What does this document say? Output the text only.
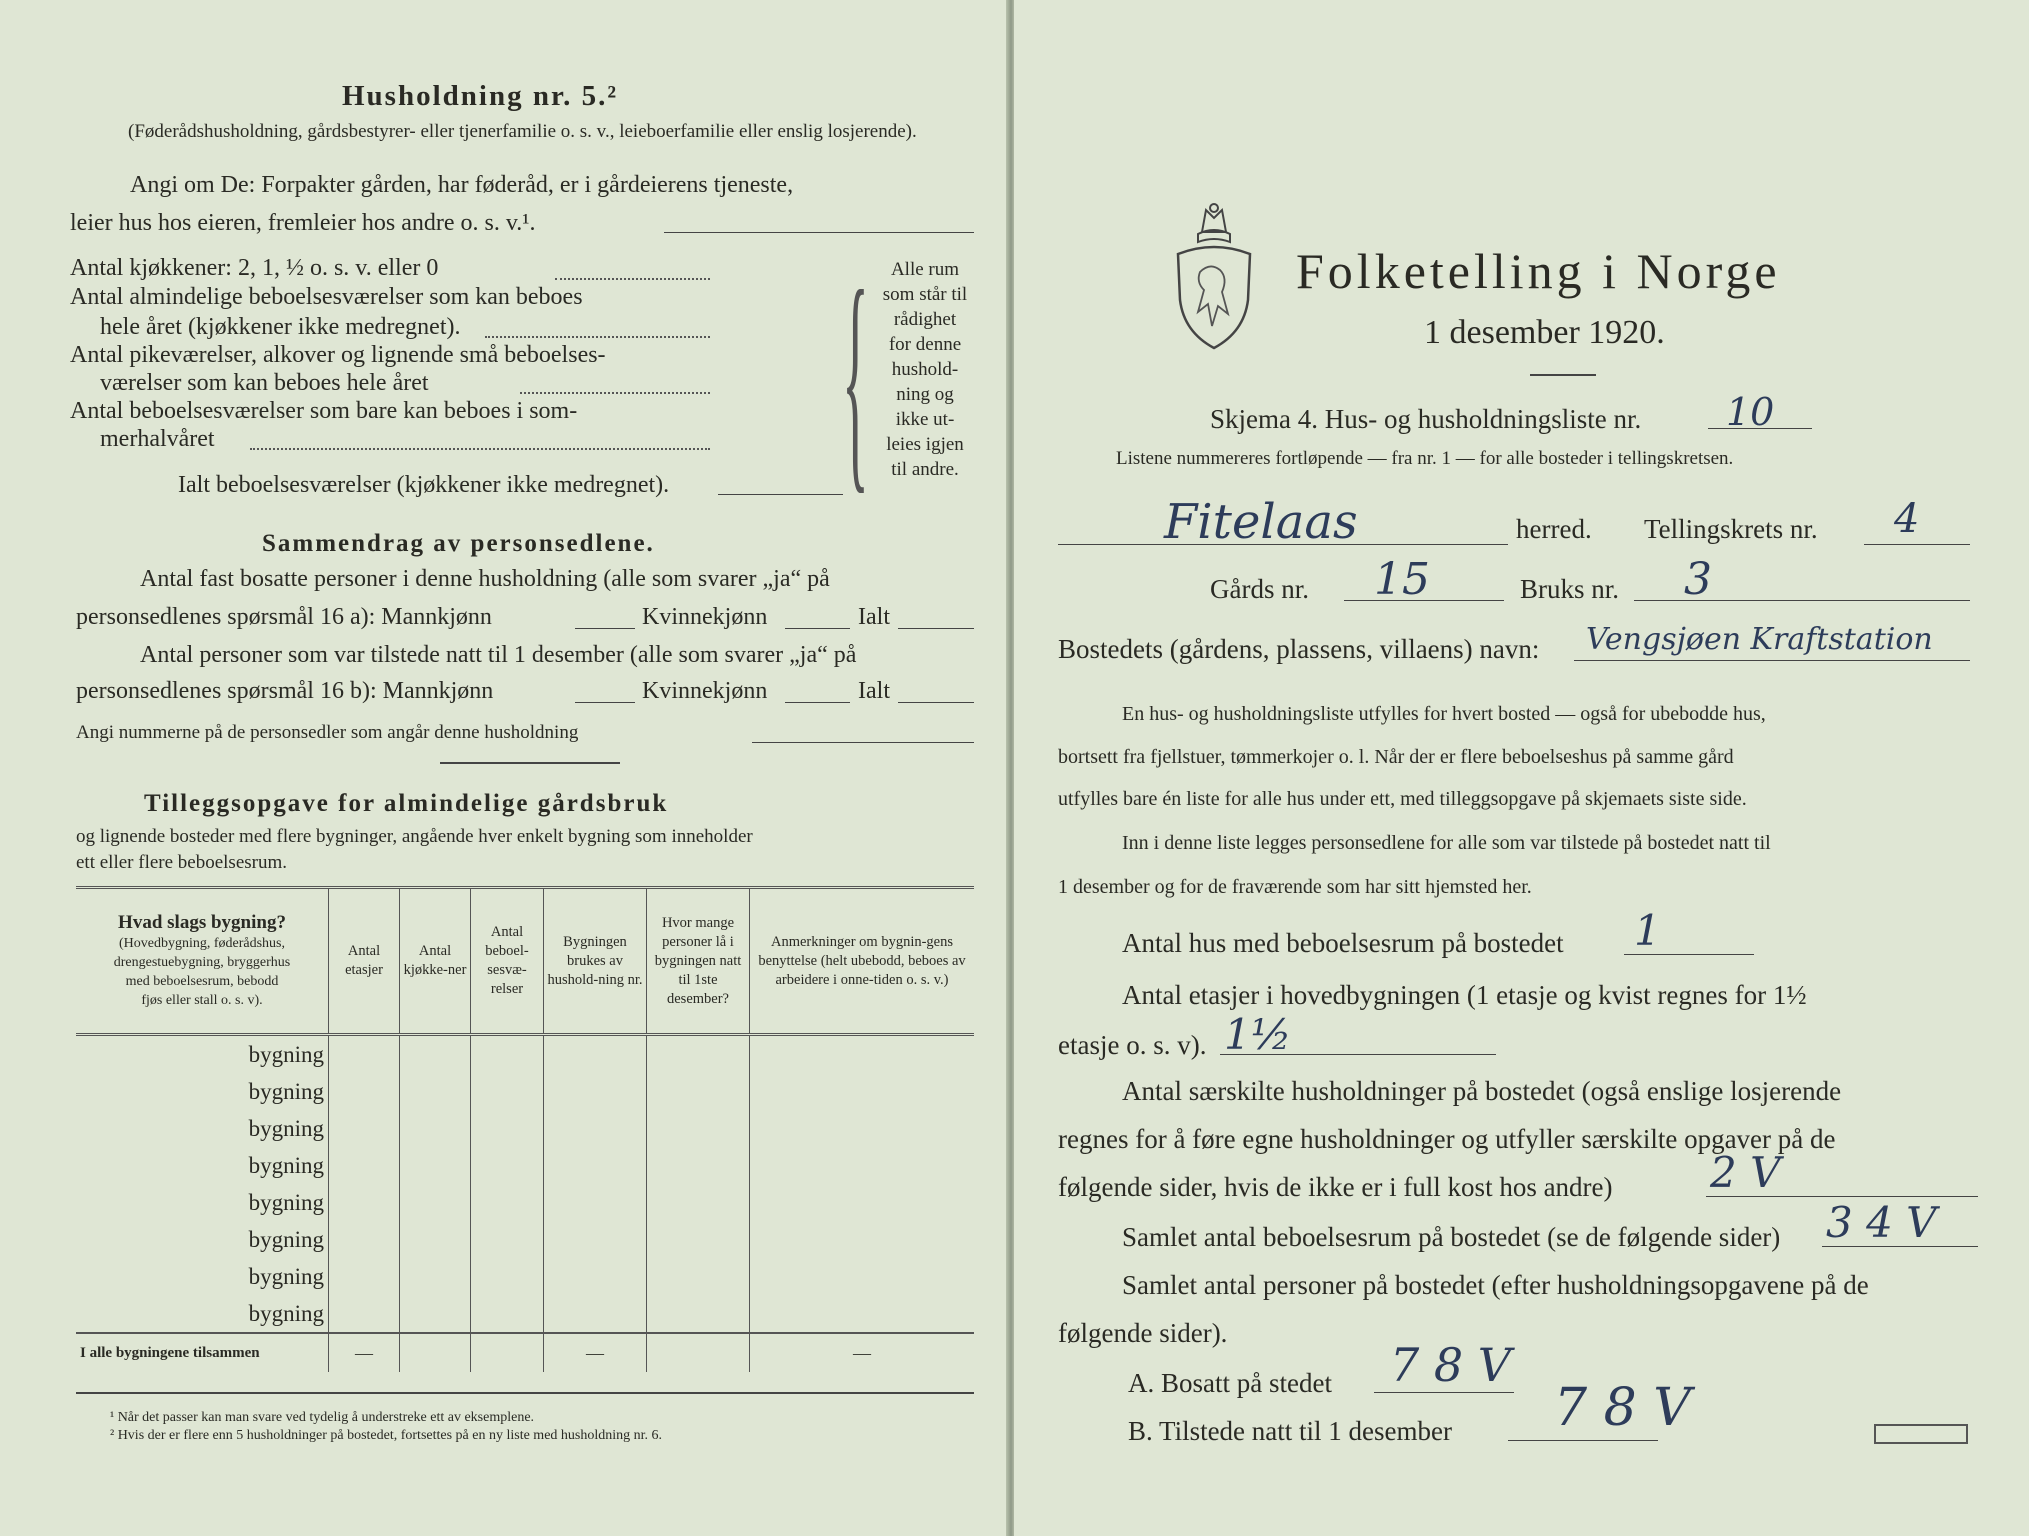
Husholdning nr. 5.²
(Føderådshusholdning, gårdsbestyrer- eller tjenerfamilie o. s. v., leieboerfamilie eller enslig losjerende).
Angi om De: Forpakter gården, har føderåd, er i gårdeierens tjeneste,
leier hus hos eieren, fremleier hos andre o. s. v.¹.
Antal kjøkkener: 2, 1, ½ o. s. v. eller 0
Antal almindelige beboelsesværelser som kan beboes
hele året (kjøkkener ikke medregnet).
Antal pikeværelser, alkover og lignende små beboelses-
værelser som kan beboes hele året
Antal beboelsesværelser som bare kan beboes i som-
merhalvåret
Ialt beboelsesværelser (kjøkkener ikke medregnet).	{	Alle rum
som står til
rådighet
for denne
hushold-
ning og
ikke ut-
leies igjen
til andre.
Sammendrag av personsedlene.
Antal fast bosatte personer i denne husholdning (alle som svarer „ja“ på
personsedlenes spørsmål 16 a): Mannkjønn	Kvinnekjønn	Ialt
Antal personer som var tilstede natt til 1 desember (alle som svarer „ja“ på
personsedlenes spørsmål 16 b): Mannkjønn	Kvinnekjønn	Ialt
Angi nummerne på de personsedler som angår denne husholdning
Tilleggsopgave for almindelige gårdsbruk
og lignende bosteder med flere bygninger, angående hver enkelt bygning som inneholder
ett eller flere beboelsesrum.
Hvad slags bygning?
(Hovedbygning, føderådshus,
drengestuebygning, bryggerhus
med beboelsesrum, bebodd
fjøs eller stall o. s. v).	Antal etasjer	Antal kjøkke-ner	Antal beboel-sesvæ-relser	Bygningen brukes av hushold-ning nr.	Hvor mange personer lå i bygningen natt til 1ste desember?	Anmerkninger om bygnin-gens benyttelse (helt ubebodd, beboes av arbeidere i onne-tiden o. s. v.)
bygning						
bygning						
bygning						
bygning						
bygning						
bygning						
bygning						
bygning						
I alle bygningene tilsammen	—			—		—
¹ Når det passer kan man svare ved tydelig å understreke ett av eksemplene.
² Hvis der er flere enn 5 husholdninger på bostedet, fortsettes på en ny liste med husholdning nr. 6.
Folketelling i Norge
1 desember 1920.
Skjema 4. Hus- og husholdningsliste nr. 10
Listene nummereres fortløpende — fra nr. 1 — for alle bosteder i tellingskretsen.
Fitelaas	herred. Tellingskrets nr. 4
Gårds nr. 15	Bruks nr. 3
Bostedets (gårdens, plassens, villaens) navn: Vengsjøen Kraftstation
En hus- og husholdningsliste utfylles for hvert bosted — også for ubebodde hus,
bortsett fra fjellstuer, tømmerkojer o. l. Når der er flere beboelseshus på samme gård
utfylles bare én liste for alle hus under ett, med tilleggsopgave på skjemaets siste side.
Inn i denne liste legges personsedlene for alle som var tilstede på bostedet natt til
1 desember og for de fraværende som har sitt hjemsted her.
Antal hus med beboelsesrum på bostedet 1
Antal etasjer i hovedbygningen (1 etasje og kvist regnes for 1½
etasje o. s. v). 1½
Antal særskilte husholdninger på bostedet (også enslige losjerende
regnes for å føre egne husholdninger og utfyller særskilte opgaver på de
følgende sider, hvis de ikke er i full kost hos andre) 2 V
Samlet antal beboelsesrum på bostedet (se de følgende sider) 3 4 V
Samlet antal personer på bostedet (efter husholdningsopgavene på de
følgende sider).
A. Bosatt på stedet 7 8 V
B. Tilstede natt til 1 desember 7 8 V
